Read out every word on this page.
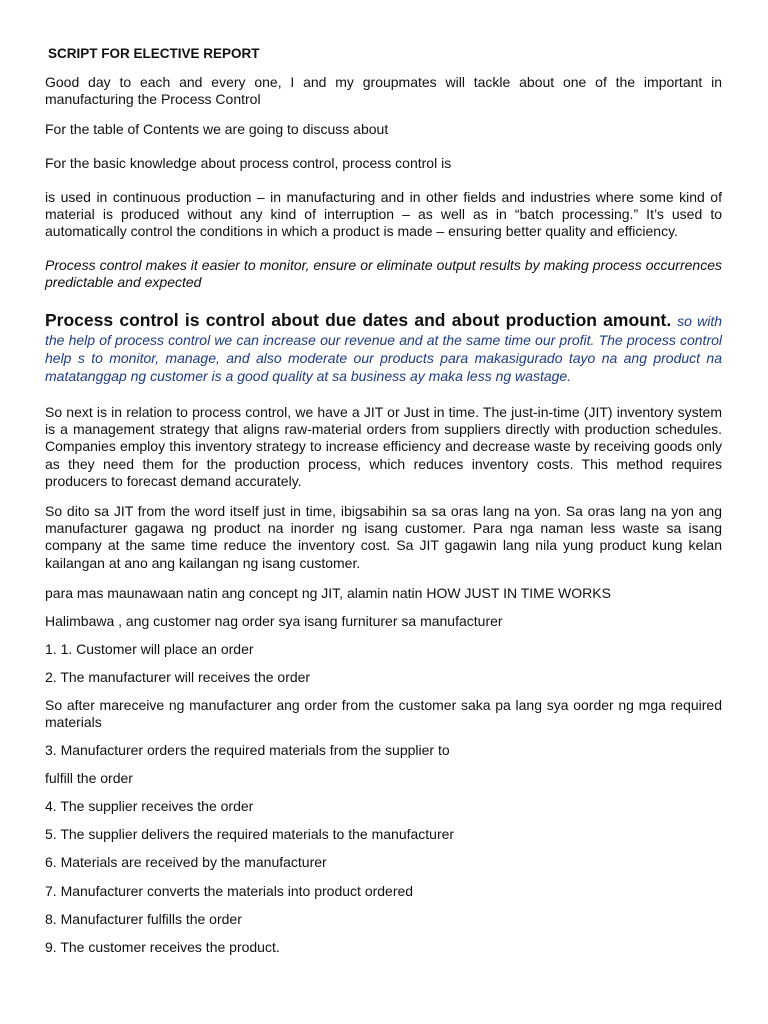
SCRIPT FOR ELECTIVE REPORT

Good day to each and every one, I and my groupmates will tackle about one of the important in manufacturing the Process Control

For the table of Contents we are going to discuss about

For the basic knowledge about process control, process control is

is used in continuous production – in manufacturing and in other fields and industries where some kind of material is produced without any kind of interruption – as well as in “batch processing.” It’s used to automatically control the conditions in which a product is made – ensuring better quality and efficiency.

Process control makes it easier to monitor, ensure or eliminate output results by making process occurrences predictable and expected

Process control is control about due dates and about production amount. so with the help of process control we can increase our revenue and at the same time our profit. The process control help s to monitor, manage, and also moderate our products para makasigurado tayo na ang product na matatanggap ng customer is a good quality at sa business ay maka less ng wastage.

So next is in relation to process control, we have a JIT or Just in time. The just-in-time (JIT) inventory system is a management strategy that aligns raw-material orders from suppliers directly with production schedules. Companies employ this inventory strategy to increase efficiency and decrease waste by receiving goods only as they need them for the production process, which reduces inventory costs. This method requires producers to forecast demand accurately.

So dito sa JIT from the word itself just in time, ibigsabihin sa sa oras lang na yon. Sa oras lang na yon ang manufacturer gagawa ng product na inorder ng isang customer. Para nga naman less waste sa isang company at the same time reduce the inventory cost. Sa JIT gagawin lang nila yung product kung kelan kailangan at ano ang kailangan ng isang customer.

para mas maunawaan natin ang concept ng JIT, alamin natin HOW JUST IN TIME WORKS

Halimbawa , ang customer nag order sya isang furniturer sa manufacturer

1. 1. Customer will place an order

2. The manufacturer will receives the order

So after mareceive ng manufacturer ang order from the customer saka pa lang sya oorder ng mga required materials

3. Manufacturer orders the required materials from the supplier to

fulfill the order

4. The supplier receives the order

5. The supplier delivers the required materials to the manufacturer

6. Materials are received by the manufacturer

7. Manufacturer converts the materials into product ordered

8. Manufacturer fulfills the order

9. The customer receives the product.
